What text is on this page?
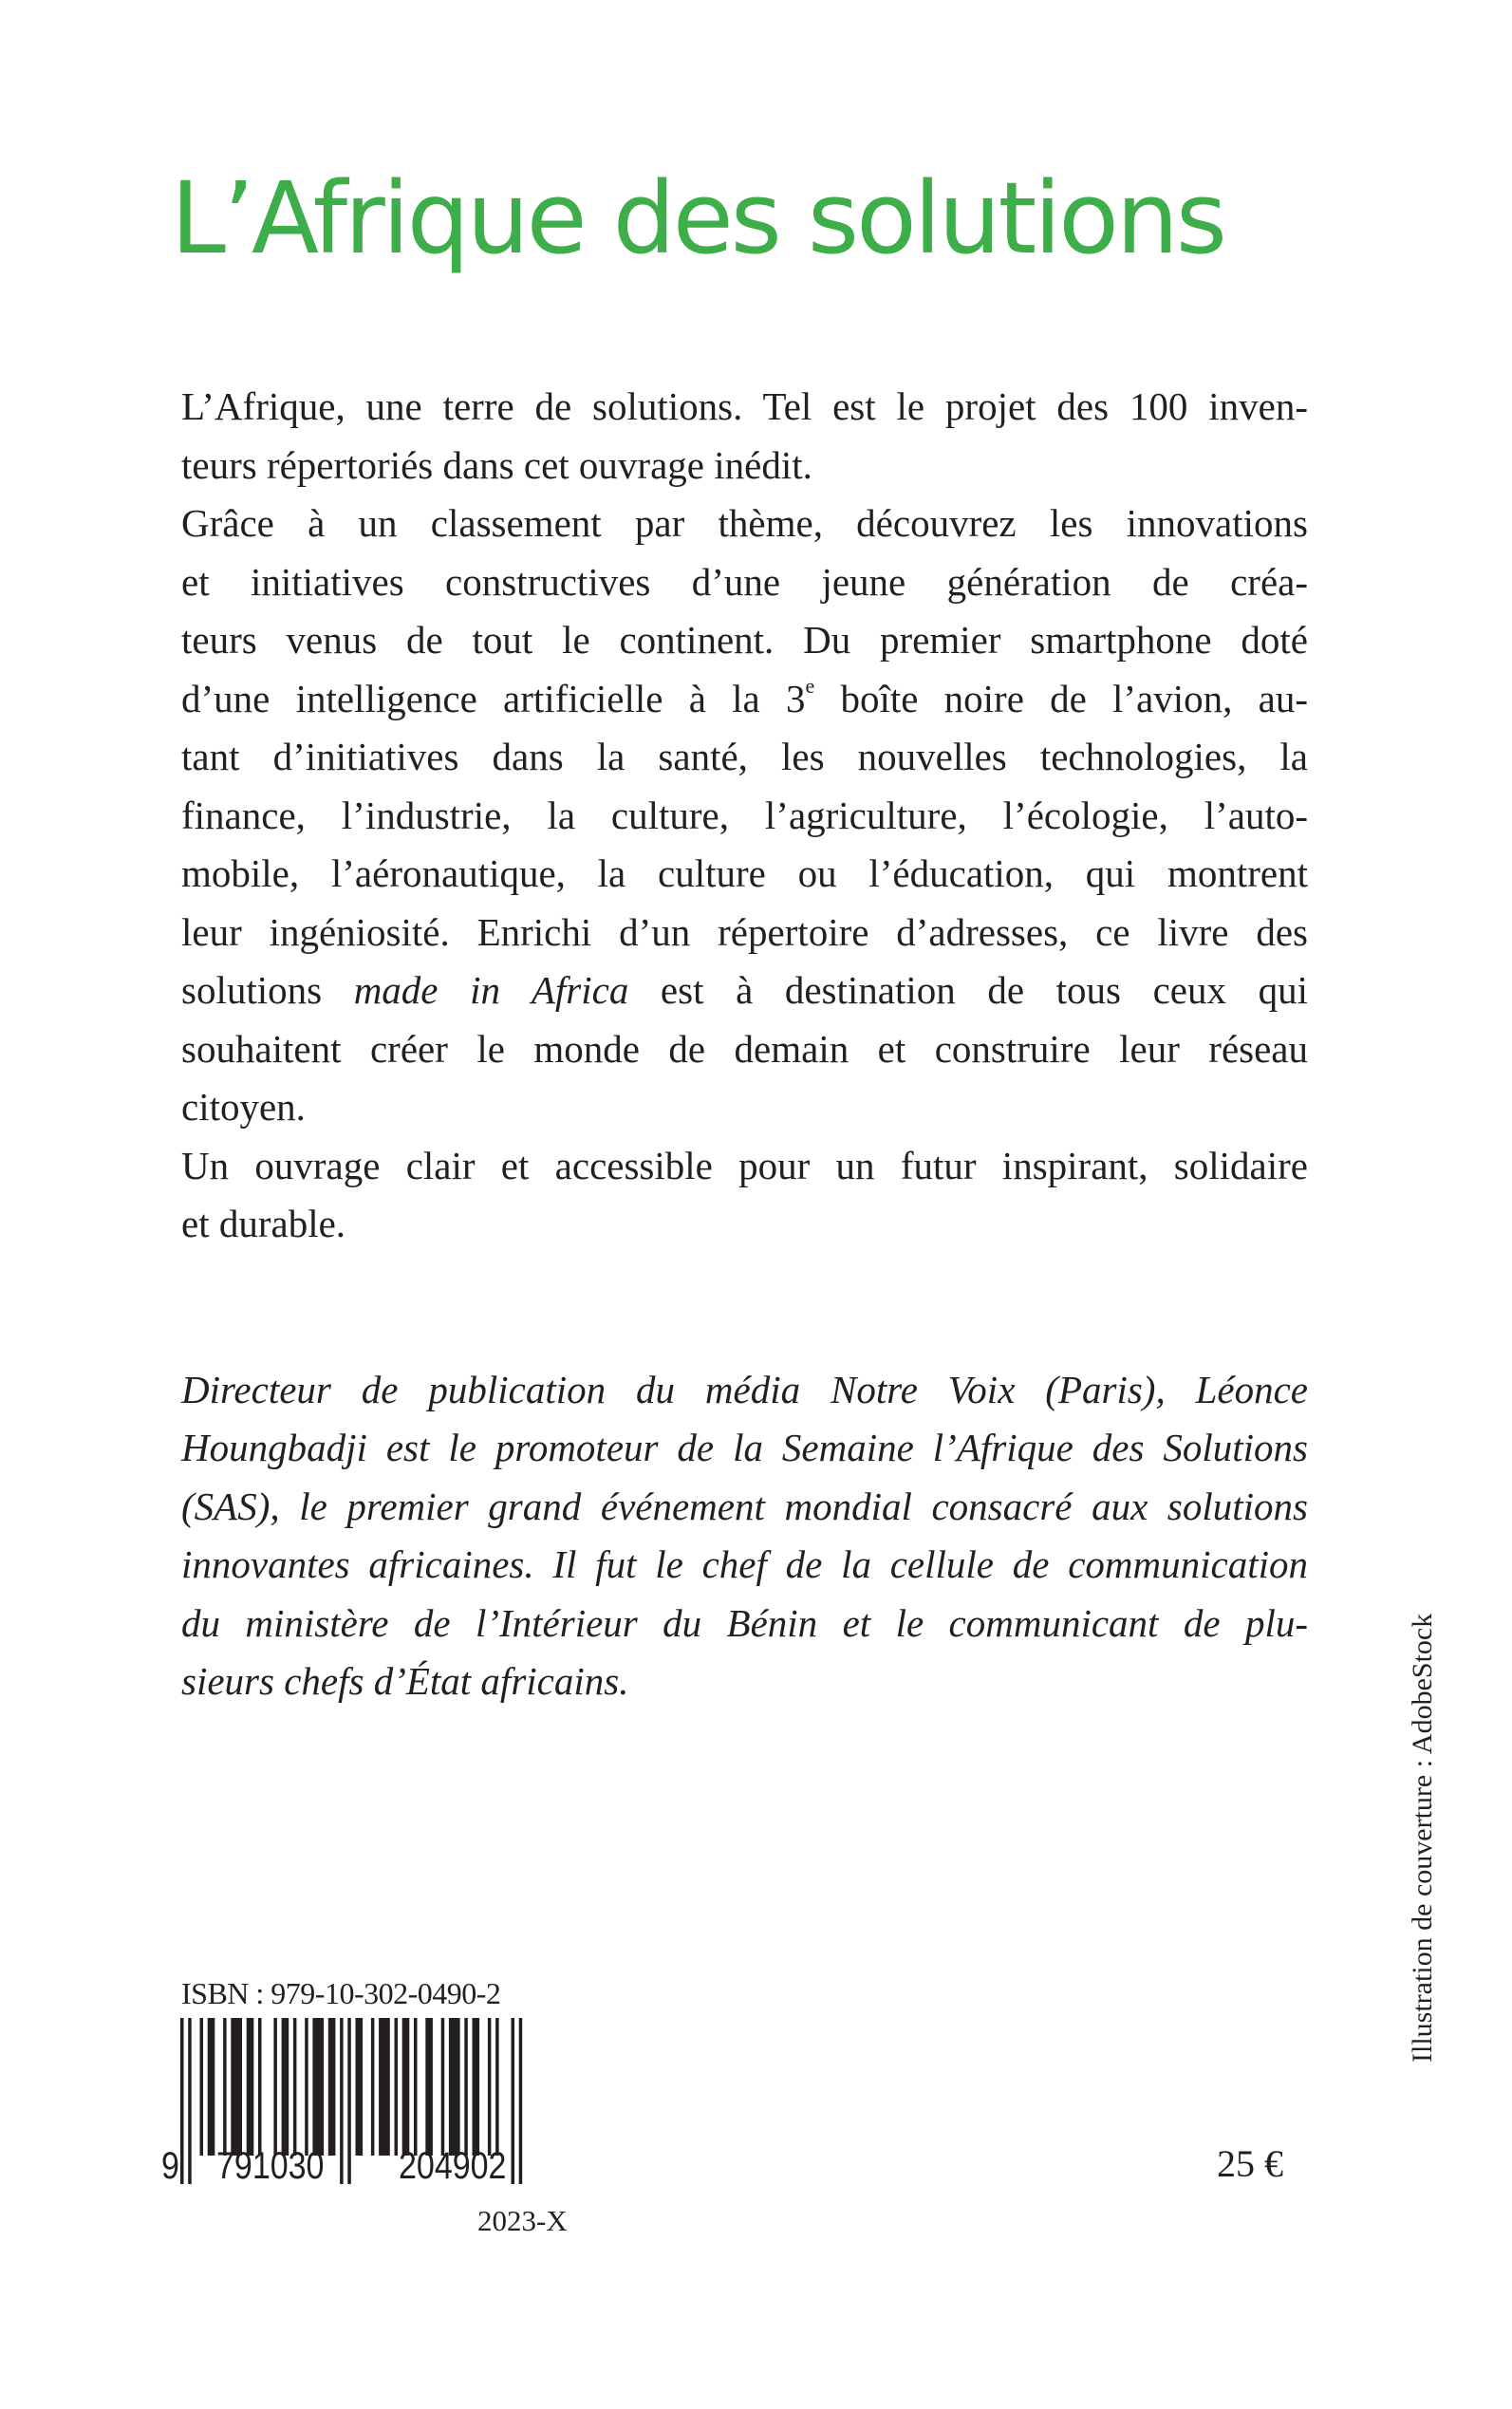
L’Afrique des solutions
L’Afrique, une terre de solutions. Tel est le projet des 100 inven-
teurs répertoriés dans cet ouvrage inédit.
Grâce à un classement par thème, découvrez les innovations
et initiatives constructives d’une jeune génération de créa-
teurs venus de tout le continent. Du premier smartphone doté
d’une intelligence artificielle à la 3e boîte noire de l’avion, au-
tant d’initiatives dans la santé, les nouvelles technologies, la
finance, l’industrie, la culture, l’agriculture, l’écologie, l’auto-
mobile, l’aéronautique, la culture ou l’éducation, qui montrent
leur ingéniosité. Enrichi d’un répertoire d’adresses, ce livre des
solutions made in Africa est à destination de tous ceux qui
souhaitent créer le monde de demain et construire leur réseau
citoyen.
Un ouvrage clair et accessible pour un futur inspirant, solidaire
et durable.
Directeur de publication du média Notre Voix (Paris), Léonce
Houngbadji est le promoteur de la Semaine l’Afrique des Solutions
(SAS), le premier grand événement mondial consacré aux solutions
innovantes africaines. Il fut le chef de la cellule de communication
du ministère de l’Intérieur du Bénin et le communicant de plu-
sieurs chefs d’État africains.	Illustration de couverture : AdobeStock
ISBN : 979-10-302-0490-2
9 791030 204902
2023-X
25 €
